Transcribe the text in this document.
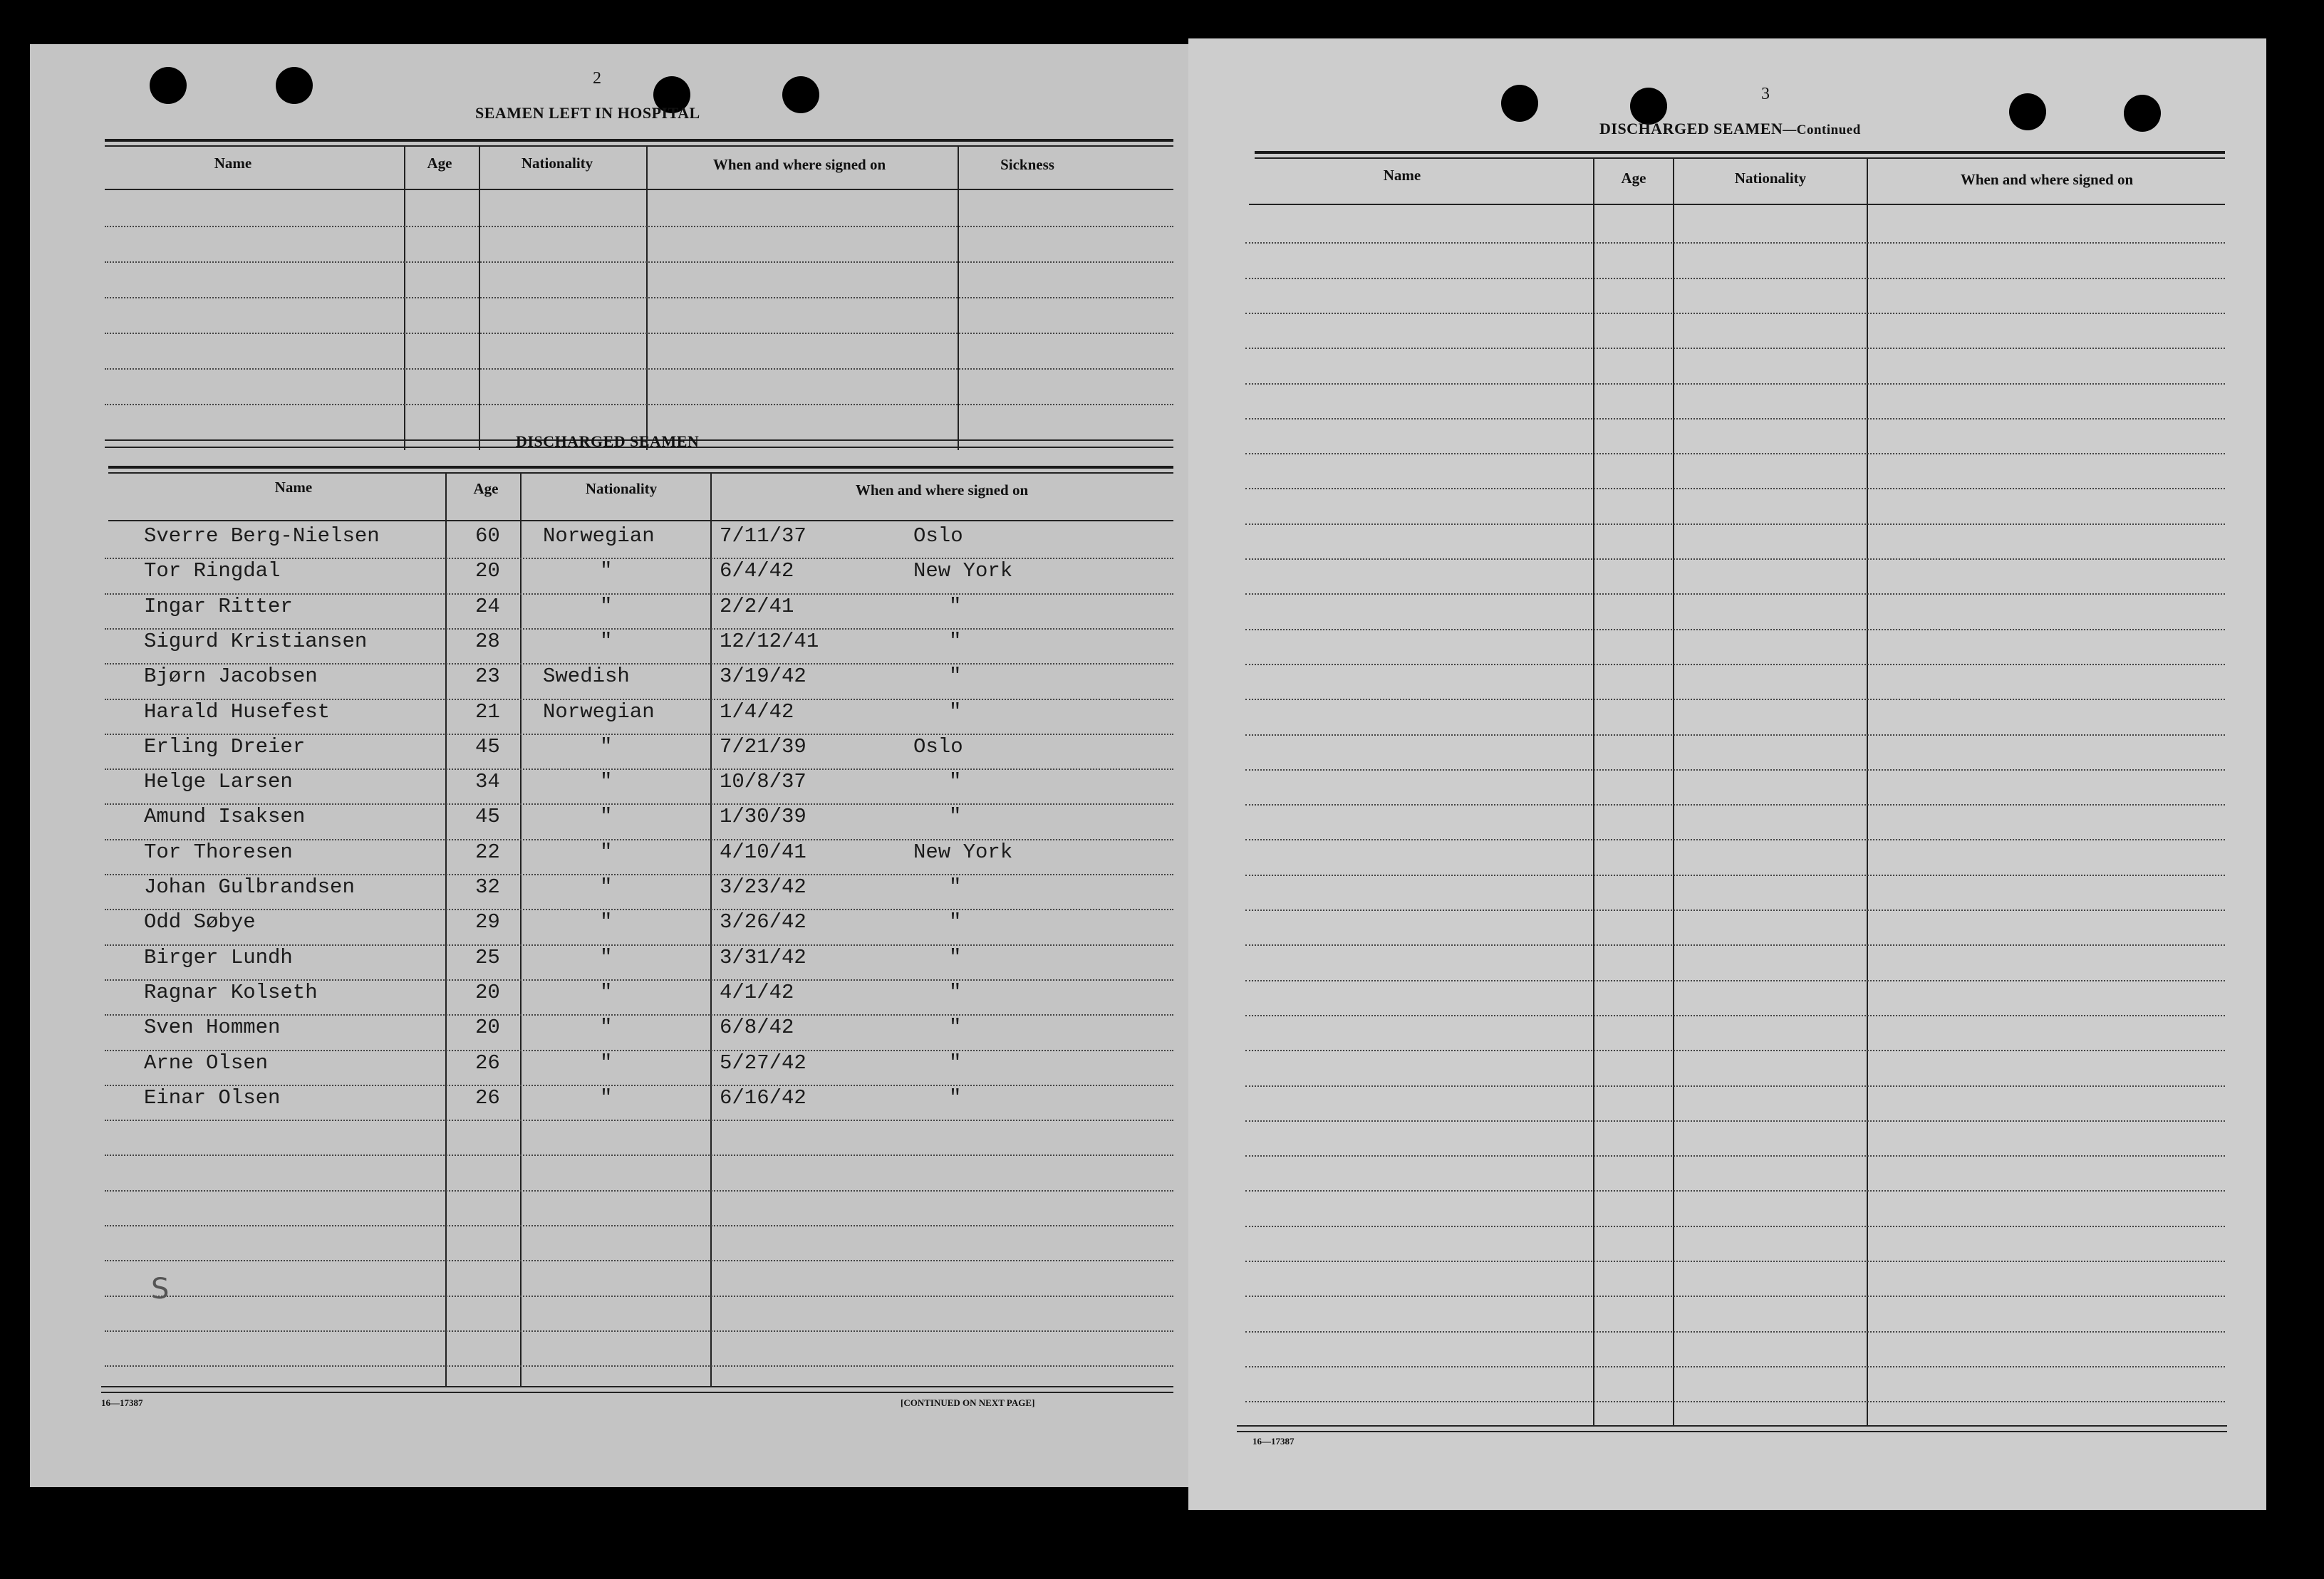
2
SEAMEN LEFT IN HOSPITAL
Name	Age	Nationality	When and where signed on	Sickness
DISCHARGED SEAMEN
Name	Age	Nationality	When and where signed on
Sverre Berg-Nielsen	60 Norwegian	7/11/37	Oslo
Tor Ringdal	20	"	6/4/42	New York
Ingar Ritter	24	"	2/2/41	"
Sigurd Kristiansen	28	"	12/12/41	"
Bjørn Jacobsen	23 Swedish	3/19/42	"
Harald Husefest	21 Norwegian	1/4/42	"
Erling Dreier	45	"	7/21/39	Oslo
Helge Larsen	34	"	10/8/37	"
Amund Isaksen	45	"	1/30/39	"
Tor Thoresen	22	"	4/10/41	New York
Johan Gulbrandsen	32	"	3/23/42	"
Odd Søbye	29	"	3/26/42	"
Birger Lundh	25	"	3/31/42	"
Ragnar Kolseth	20	"	4/1/42	"
Sven Hommen	20	"	6/8/42	"
Arne Olsen	26	"	5/27/42	"
Einar Olsen	26	"	6/16/42	"
S
16—17387	[CONTINUED ON NEXT PAGE]
3
DISCHARGED SEAMEN—Continued
Name	Age	Nationality	When and where signed on
16—17387
